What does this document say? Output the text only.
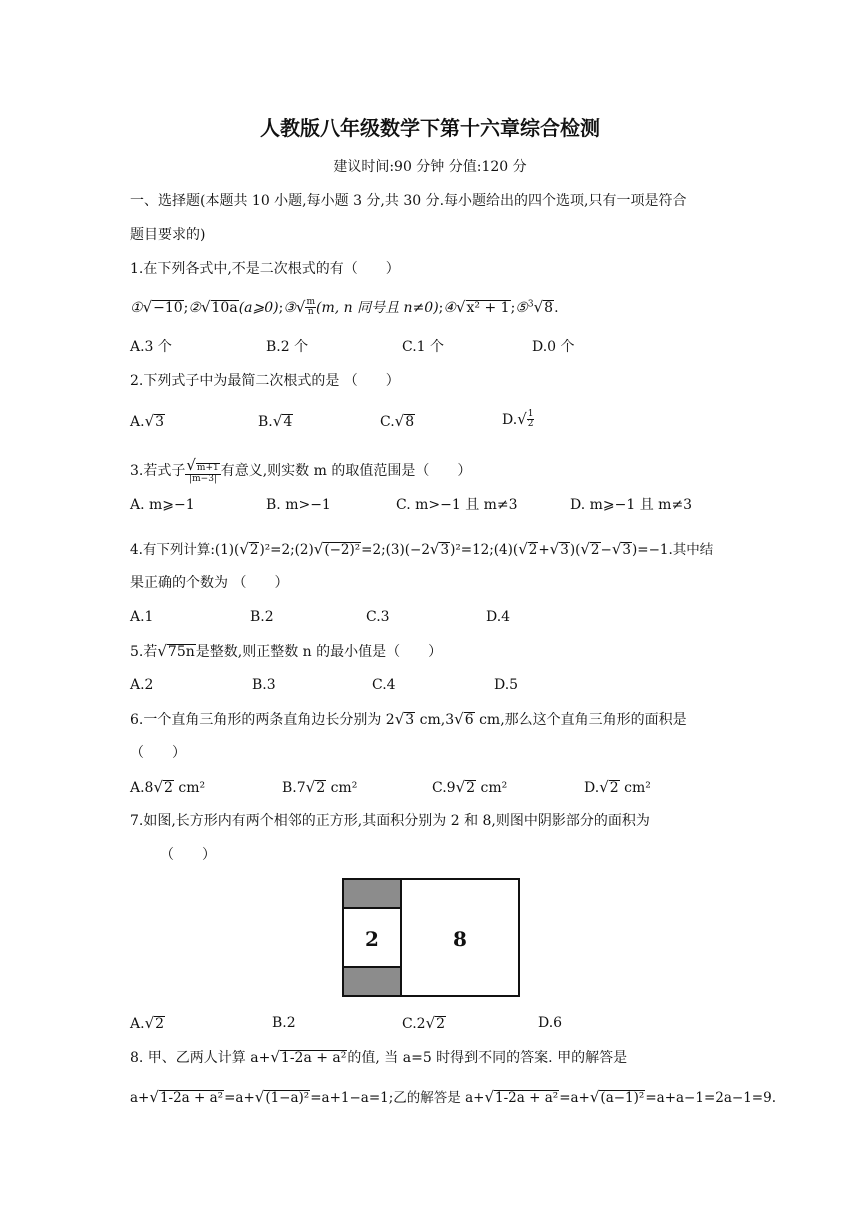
人教版八年级数学下第十六章综合检测
建议时间:90 分钟 分值:120 分
一、选择题(本题共 10 小题,每小题 3 分,共 30 分.每小题给出的四个选项,只有一项是符合
题目要求的)
1.在下列各式中,不是二次根式的有（　　）
①√−10;②√10a(a⩾0);③√ $\frac{m}{n} (m$, n 同号且 n≠0);④√x² + 1;⑤$^3$√8.
A.3 个	B.2 个	C.1 个	D.0 个
2.下列式子中为最简二次根式的是 （　　）
A.√3	B.√4	C.√8	$D.√ \frac{1}{2}$
3.若式子 $\frac{√m+1}{|m-3|}$ 有意义,则实数 m 的取值范围是（　　）
A. m⩾−1	B. m>−1	C. m>−1 且 m≠3	D. m⩾−1 且 m≠3
4.有下列计算:(1)(√2)²=2;(2)√(−2)²=2;(3)(−2√3)²=12;(4)(√2+√3)(√2−√3)=−1.其中结
果正确的个数为 （　　）
A.1	B.2	C.3	D.4
5.若√75n是整数,则正整数 n 的最小值是（　　）
A.2	B.3	C.4	D.5
6.一个直角三角形的两条直角边长分别为 2√3 cm,3√6 cm,那么这个直角三角形的面积是
（　　）
A.8√2 cm²	B.7√2 cm²	C.9√2 cm²	D.√2 cm²
7.如图,长方形内有两个相邻的正方形,其面积分别为 2 和 8,则图中阴影部分的面积为
（　　）
2	8
A.√2	B.2	C.2√2	D.6
8. 甲、乙两人计算 a+√1-2a + a²的值, 当 a=5 时得到不同的答案. 甲的解答是
a+√1-2a + a²=a+√(1−a)²=a+1−a=1;乙的解答是 a+√1-2a + a²=a+√(a−1)²=a+a−1=2a−1=9.
